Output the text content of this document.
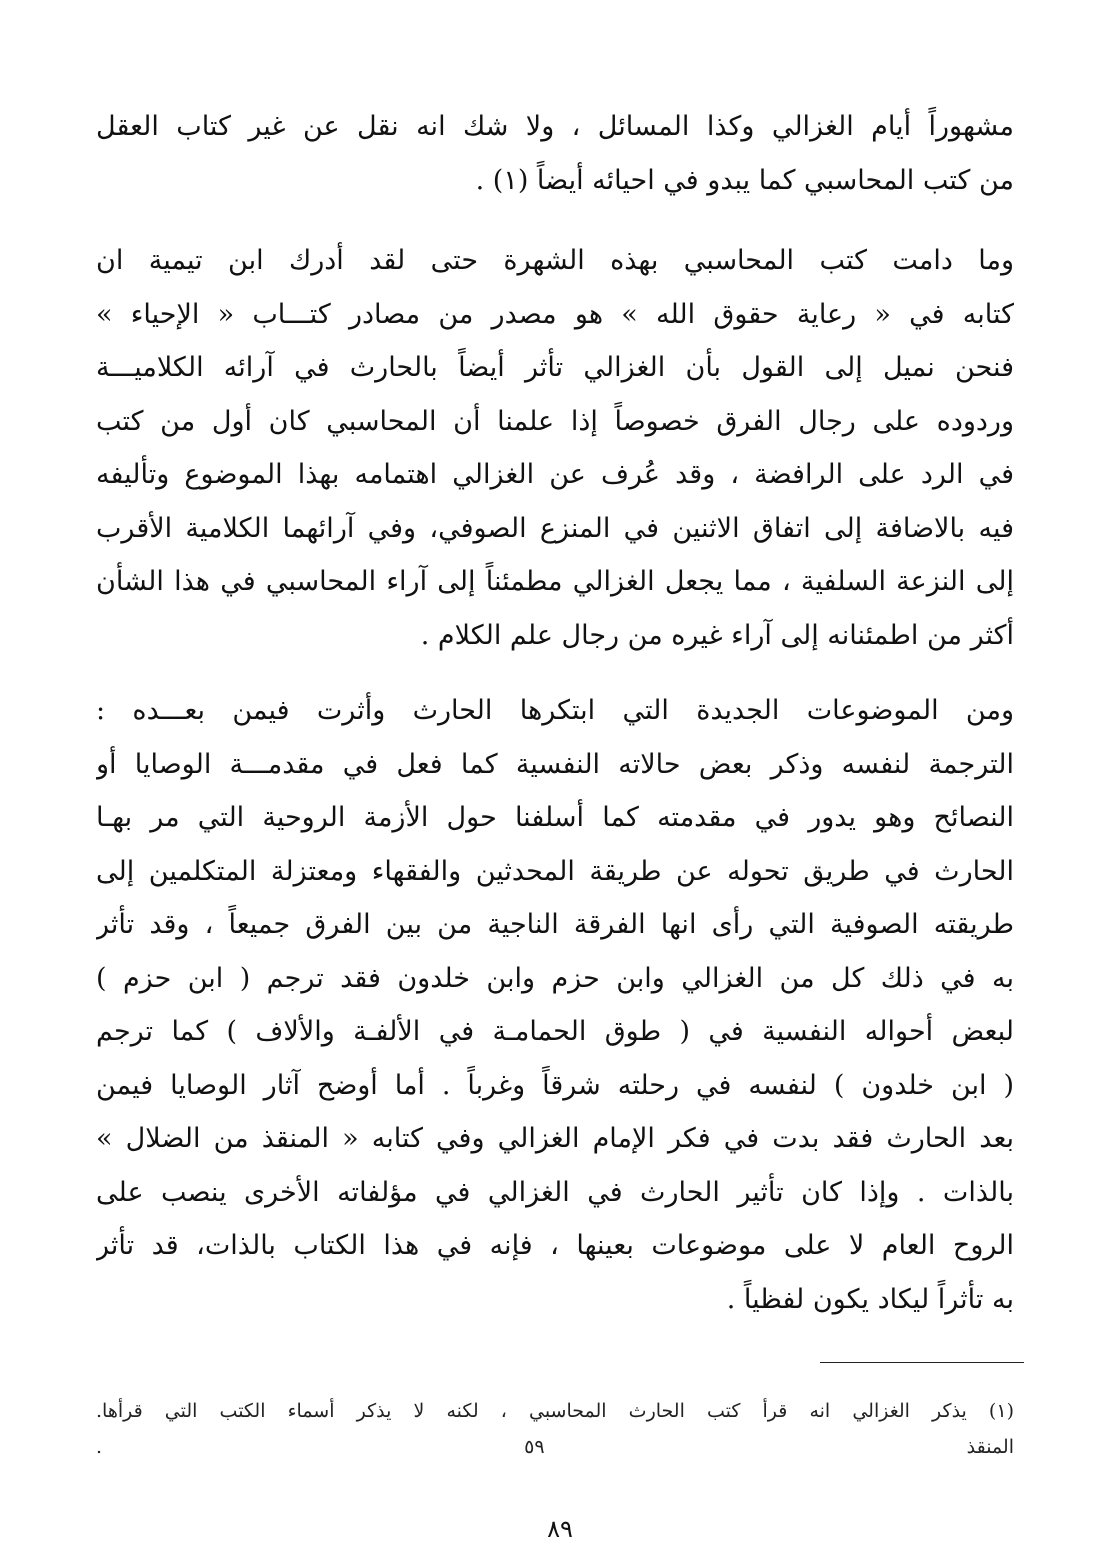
مشهوراً أيام الغزالي وكذا المسائل ، ولا شك انه نقل عن غير كتاب العقل
من كتب المحاسبي كما يبدو في احيائه أيضاً (١) .
وما دامت كتب المحاسبي بهذه الشهرة حتى لقد أدرك ابن تيمية ان
كتابه في « رعاية حقوق الله » هو مصدر من مصادر كتـــاب « الإحياء »
فنحن نميل إلى القول بأن الغزالي تأثر أيضاً بالحارث في آرائه الكلاميـــة
وردوده على رجال الفرق خصوصاً إذا علمنا أن المحاسبي كان أول من كتب
في الرد على الرافضة ، وقد عُرف عن الغزالي اهتمامه بهذا الموضوع وتأليفه
فيه بالاضافة إلى اتفاق الاثنين في المنزع الصوفي، وفي آرائهما الكلامية الأقرب
إلى النزعة السلفية ، مما يجعل الغزالي مطمئناً إلى آراء المحاسبي في هذا الشأن
أكثر من اطمئنانه إلى آراء غيره من رجال علم الكلام .
ومن الموضوعات الجديدة التي ابتكرها الحارث وأثرت فيمن بعـــده :
الترجمة لنفسه وذكر بعض حالاته النفسية كما فعل في مقدمـــة الوصايا أو
النصائح وهو يدور في مقدمته كما أسلفنا حول الأزمة الروحية التي مر بهـا
الحارث في طريق تحوله عن طريقة المحدثين والفقهاء ومعتزلة المتكلمين إلى
طريقته الصوفية التي رأى انها الفرقة الناجية من بين الفرق جميعاً ، وقد تأثر
به في ذلك كل من الغزالي وابن حزم وابن خلدون فقد ترجم ( ابن حزم )
لبعض أحواله النفسية في ( طوق الحمامـة في الألفـة والألاف ) كما ترجم
( ابن خلدون ) لنفسه في رحلته شرقاً وغرباً . أما أوضح آثار الوصايا فيمن
بعد الحارث فقد بدت في فكر الإمام الغزالي وفي كتابه « المنقذ من الضلال »
بالذات . وإذا كان تأثير الحارث في الغزالي في مؤلفاته الأخرى ينصب على
الروح العام لا على موضوعات بعينها ، فإنه في هذا الكتاب بالذات، قد تأثر
به تأثراً ليكاد يكون لفظياً .
(١) يذكر الغزالي انه قرأ كتب الحارث المحاسبي ، لكنه لا يذكر أسماء الكتب التي قرأها.
المنقذ ٥٩ .
٨٩
